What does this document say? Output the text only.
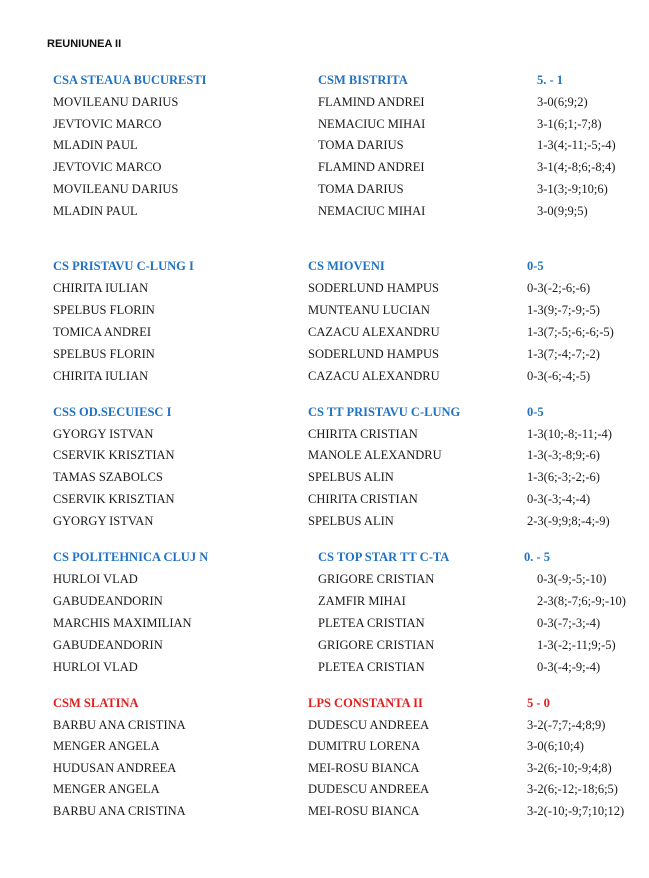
REUNIUNEA II
CSA STEAUA BUCURESTI	CSM BISTRITA	5. - 1
MOVILEANU DARIUS	FLAMIND ANDREI	3-0(6;9;2)
JEVTOVIC MARCO	NEMACIUC MIHAI	3-1(6;1;-7;8)
MLADIN PAUL	TOMA DARIUS	1-3(4;-11;-5;-4)
JEVTOVIC MARCO	FLAMIND ANDREI	3-1(4;-8;6;-8;4)
MOVILEANU DARIUS	TOMA DARIUS	3-1(3;-9;10;6)
MLADIN PAUL	NEMACIUC MIHAI	3-0(9;9;5)
CS PRISTAVU C-LUNG I	CS MIOVENI	0-5
CHIRITA IULIAN	SODERLUND HAMPUS	0-3(-2;-6;-6)
SPELBUS FLORIN	MUNTEANU LUCIAN	1-3(9;-7;-9;-5)
TOMICA ANDREI	CAZACU ALEXANDRU	1-3(7;-5;-6;-6;-5)
SPELBUS FLORIN	SODERLUND HAMPUS	1-3(7;-4;-7;-2)
CHIRITA IULIAN	CAZACU ALEXANDRU	0-3(-6;-4;-5)
CSS OD.SECUIESC I	CS TT PRISTAVU C-LUNG	0-5
GYORGY ISTVAN	CHIRITA CRISTIAN	1-3(10;-8;-11;-4)
CSERVIK KRISZTIAN	MANOLE ALEXANDRU	1-3(-3;-8;9;-6)
TAMAS SZABOLCS	SPELBUS ALIN	1-3(6;-3;-2;-6)
CSERVIK KRISZTIAN	CHIRITA CRISTIAN	0-3(-3;-4;-4)
GYORGY ISTVAN	SPELBUS ALIN	2-3(-9;9;8;-4;-9)
CS POLITEHNICA CLUJ N	CS TOP STAR TT C-TA	0. - 5
HURLOI VLAD	GRIGORE CRISTIAN	0-3(-9;-5;-10)
GABUDEANDORIN	ZAMFIR MIHAI	2-3(8;-7;6;-9;-10)
MARCHIS MAXIMILIAN	PLETEA CRISTIAN	0-3(-7;-3;-4)
GABUDEANDORIN	GRIGORE CRISTIAN	1-3(-2;-11;9;-5)
HURLOI VLAD	PLETEA CRISTIAN	0-3(-4;-9;-4)
CSM SLATINA	LPS CONSTANTA II	5 - 0
BARBU ANA CRISTINA	DUDESCU ANDREEA	3-2(-7;7;-4;8;9)
MENGER ANGELA	DUMITRU LORENA	3-0(6;10;4)
HUDUSAN ANDREEA	MEI-ROSU BIANCA	3-2(6;-10;-9;4;8)
MENGER ANGELA	DUDESCU ANDREEA	3-2(6;-12;-18;6;5)
BARBU ANA CRISTINA	MEI-ROSU BIANCA	3-2(-10;-9;7;10;12)
